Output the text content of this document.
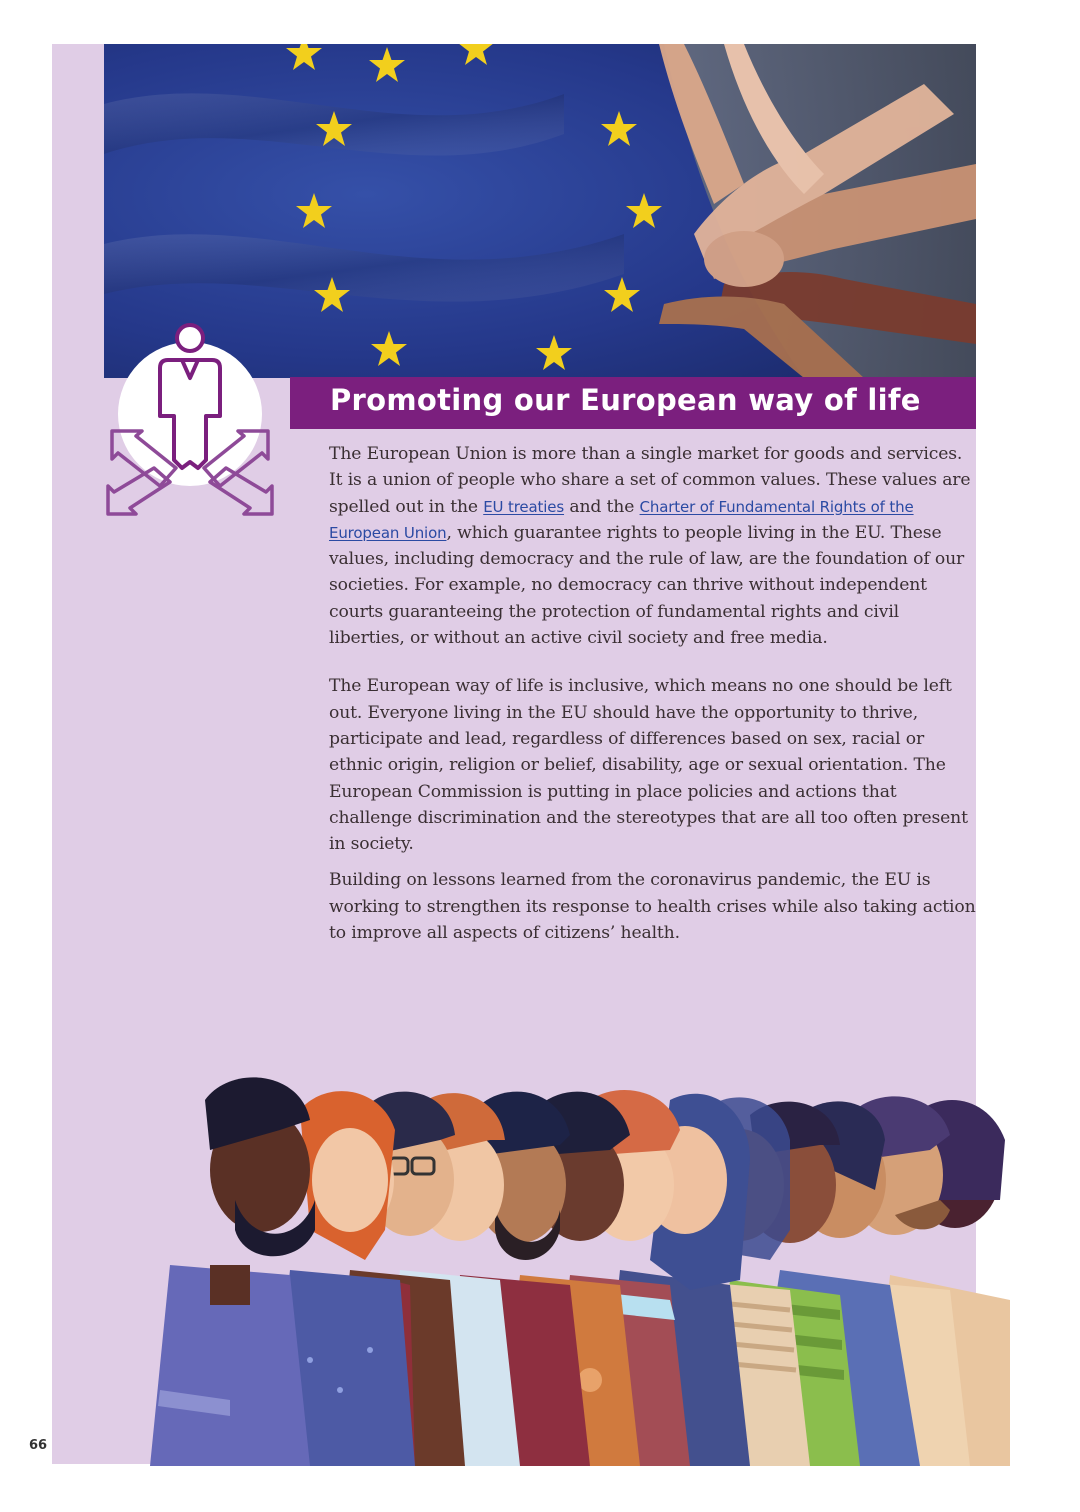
Promoting our European way of life

The European Union is more than a single market for goods and services. It is a union of people who share a set of common values. These values are spelled out in the EU treaties and the Charter of Fundamental Rights of the European Union, which guarantee rights to people living in the EU. These values, including democracy and the rule of law, are the foundation of our societies. For example, no democracy can thrive without independent courts guaranteeing the protection of fundamental rights and civil liberties, or without an active civil society and free media.

The European way of life is inclusive, which means no one should be left out. Everyone living in the EU should have the opportunity to thrive, participate and lead, regardless of differences based on sex, racial or ethnic origin, religion or belief, disability, age or sexual orientation. The European Commission is putting in place policies and actions that challenge discrimination and the stereotypes that are all too often present in society.

Building on lessons learned from the coronavirus pandemic, the EU is working to strengthen its response to health crises while also taking action to improve all aspects of citizens’ health.

66
